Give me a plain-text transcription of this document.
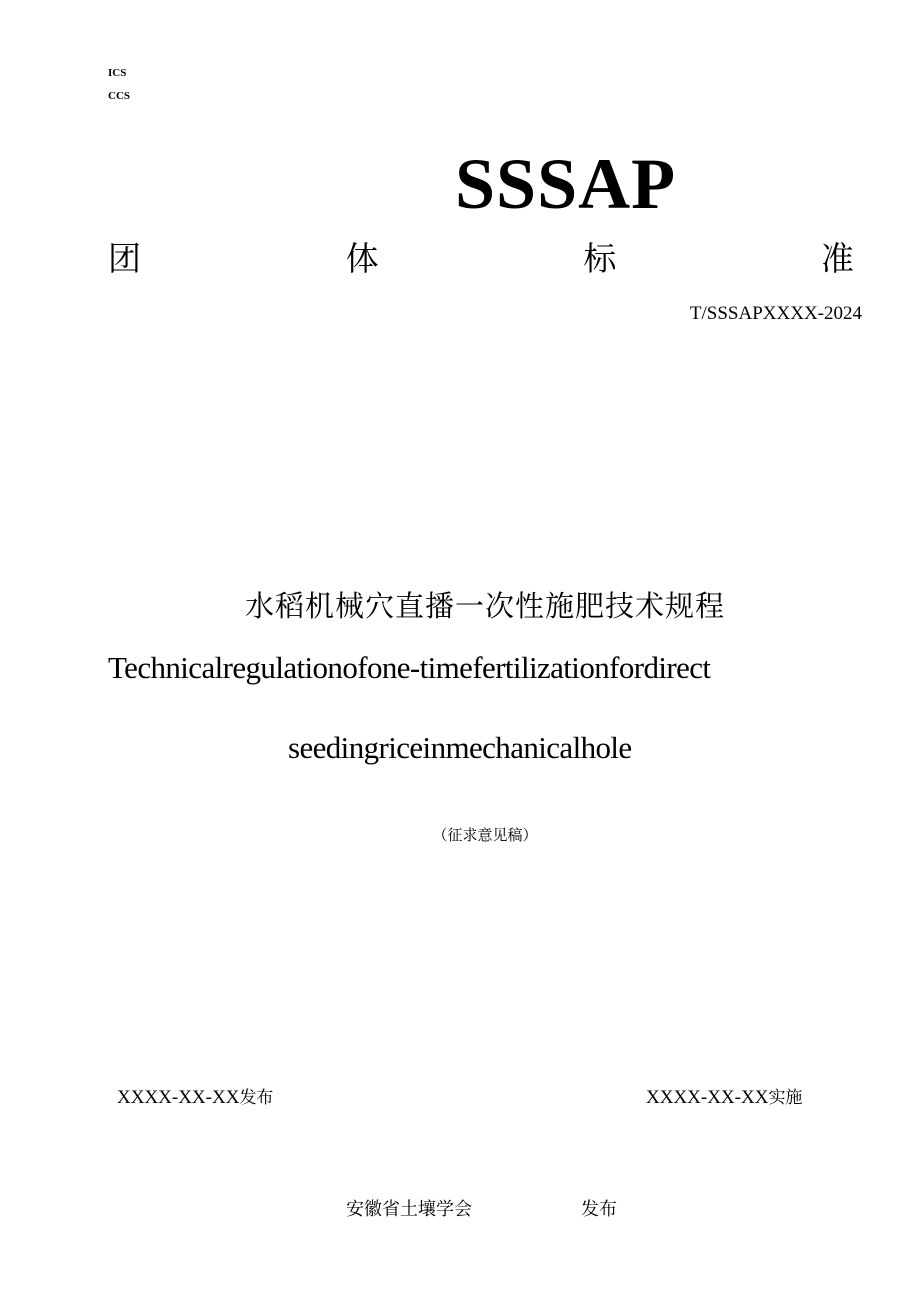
ICS
CCS
SSSAP
团	体	标	准
T/SSSAPXXXX-2024
水稻机械穴直播一次性施肥技术规程
Technicalregulationofone-timefertilizationfordirect
seedingriceinmechanicalhole
（征求意见稿）
XXXX-XX-XX发布	XXXX-XX-XX实施
安徽省土壤学会	发布
